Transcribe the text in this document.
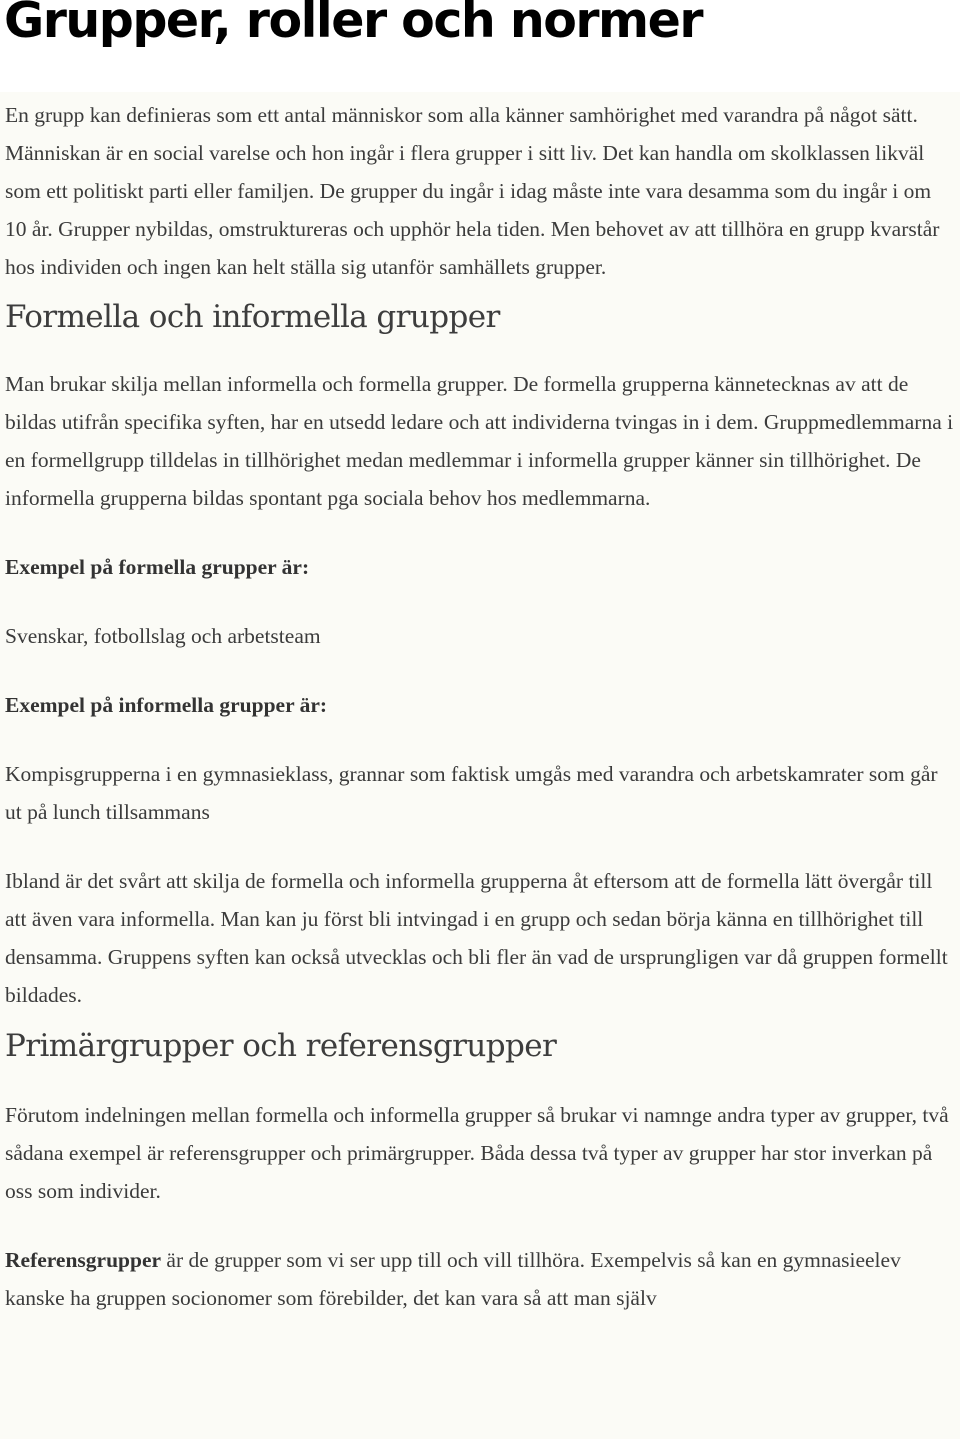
Grupper, roller och normer

En grupp kan definieras som ett antal människor som alla känner samhörighet med varandra på något sätt. Människan är en social varelse och hon ingår i flera grupper i sitt liv. Det kan handla om skolklassen likväl som ett politiskt parti eller familjen. De grupper du ingår i idag måste inte vara desamma som du ingår i om 10 år. Grupper nybildas, omstruktureras och upphör hela tiden. Men behovet av att tillhöra en grupp kvarstår hos individen och ingen kan helt ställa sig utanför samhällets grupper.

Formella och informella grupper

Man brukar skilja mellan informella och formella grupper. De formella grupperna kännetecknas av att de bildas utifrån specifika syften, har en utsedd ledare och att individerna tvingas in i dem. Gruppmedlemmarna i en formellgrupp tilldelas in tillhörighet medan medlemmar i informella grupper känner sin tillhörighet. De informella grupperna bildas spontant pga sociala behov hos medlemmarna.

Exempel på formella grupper är:

Svenskar, fotbollslag och arbetsteam

Exempel på informella grupper är:

Kompisgrupperna i en gymnasieklass, grannar som faktisk umgås med varandra och arbetskamrater som går ut på lunch tillsammans

Ibland är det svårt att skilja de formella och informella grupperna åt eftersom att de formella lätt övergår till att även vara informella. Man kan ju först bli intvingad i en grupp och sedan börja känna en tillhörighet till densamma. Gruppens syften kan också utvecklas och bli fler än vad de ursprungligen var då gruppen formellt bildades.

Primärgrupper och referensgrupper

Förutom indelningen mellan formella och informella grupper så brukar vi namnge andra typer av grupper, två sådana exempel är referensgrupper och primärgrupper. Båda dessa två typer av grupper har stor inverkan på oss som individer.

Referensgrupper är de grupper som vi ser upp till och vill tillhöra. Exempelvis så kan en gymnasieelev kanske ha gruppen socionomer som förebilder, det kan vara så att man själv
